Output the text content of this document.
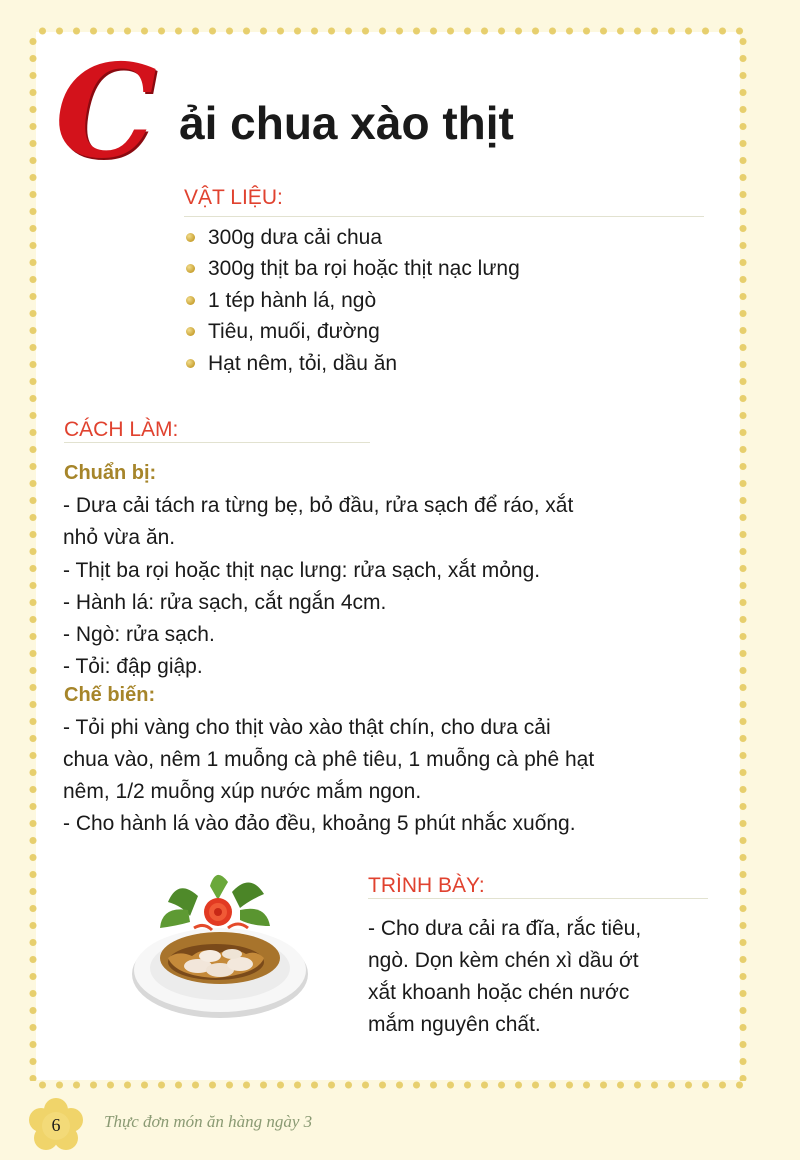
C ải chua xào thịt
VẬT LIỆU:
300g dưa cải chua
300g thịt ba rọi hoặc thịt nạc lưng
1 tép hành lá, ngò
Tiêu, muối, đường
Hạt nêm, tỏi, dầu ăn
CÁCH LÀM:
Chuẩn bị:
- Dưa cải tách ra từng bẹ, bỏ đầu, rửa sạch để ráo, xắt
nhỏ vừa ăn.
- Thịt ba rọi hoặc thịt nạc lưng: rửa sạch, xắt mỏng.
- Hành lá: rửa sạch, cắt ngắn 4cm.
- Ngò: rửa sạch.
- Tỏi: đập giập.
Chế biến:
- Tỏi phi vàng cho thịt vào xào thật chín, cho dưa cải
chua vào, nêm 1 muỗng cà phê tiêu, 1 muỗng cà phê hạt
nêm, 1/2 muỗng xúp nước mắm ngon.
- Cho hành lá vào đảo đều, khoảng 5 phút nhắc xuống.
TRÌNH BÀY:
- Cho dưa cải ra đĩa, rắc tiêu,
ngò. Dọn kèm chén xì dầu ớt
xắt khoanh hoặc chén nước
mắm nguyên chất.
6	Thực đơn món ăn hàng ngày 3
